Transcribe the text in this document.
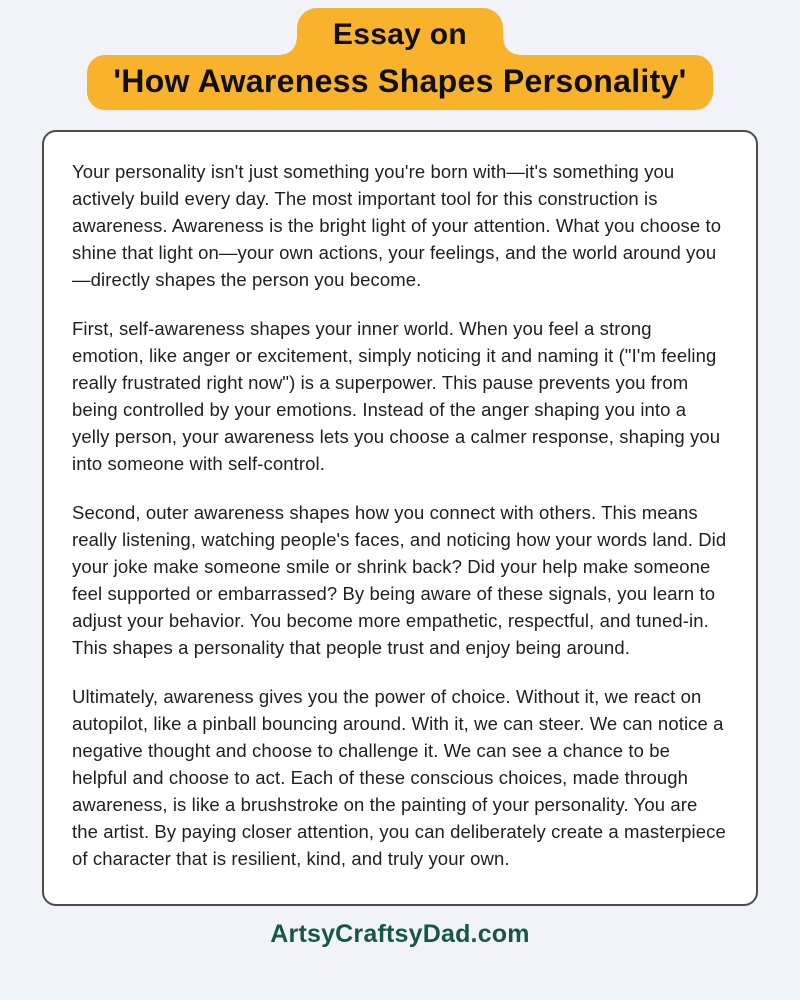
Essay on
'How Awareness Shapes Personality'

Your personality isn't just something you're born with—it's something you actively build every day. The most important tool for this construction is awareness. Awareness is the bright light of your attention. What you choose to shine that light on—your own actions, your feelings, and the world around you—directly shapes the person you become.

First, self-awareness shapes your inner world. When you feel a strong emotion, like anger or excitement, simply noticing it and naming it ("I'm feeling really frustrated right now") is a superpower. This pause prevents you from being controlled by your emotions. Instead of the anger shaping you into a yelly person, your awareness lets you choose a calmer response, shaping you into someone with self-control.

Second, outer awareness shapes how you connect with others. This means really listening, watching people's faces, and noticing how your words land. Did your joke make someone smile or shrink back? Did your help make someone feel supported or embarrassed? By being aware of these signals, you learn to adjust your behavior. You become more empathetic, respectful, and tuned-in. This shapes a personality that people trust and enjoy being around.

Ultimately, awareness gives you the power of choice. Without it, we react on autopilot, like a pinball bouncing around. With it, we can steer. We can notice a negative thought and choose to challenge it. We can see a chance to be helpful and choose to act. Each of these conscious choices, made through awareness, is like a brushstroke on the painting of your personality. You are the artist. By paying closer attention, you can deliberately create a masterpiece of character that is resilient, kind, and truly your own.

ArtsyCraftsyDad.com
